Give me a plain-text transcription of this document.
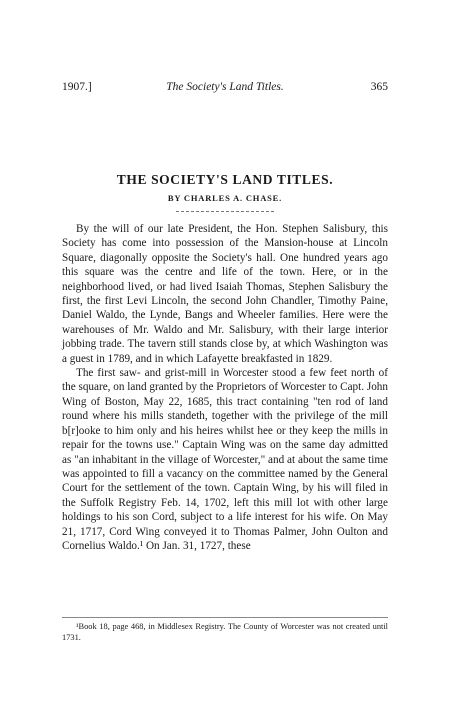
1907.]	The Society's Land Titles.	365
THE SOCIETY'S LAND TITLES.
BY CHARLES A. CHASE.

By the will of our late President, the Hon. Stephen Salisbury, this Society has come into possession of the Mansion-house at Lincoln Square, diagonally opposite the Society's hall. One hundred years ago this square was the centre and life of the town. Here, or in the neighborhood lived, or had lived Isaiah Thomas, Stephen Salisbury the first, the first Levi Lincoln, the second John Chandler, Timothy Paine, Daniel Waldo, the Lynde, Bangs and Wheeler families. Here were the warehouses of Mr. Waldo and Mr. Salisbury, with their large interior jobbing trade. The tavern still stands close by, at which Washington was a guest in 1789, and in which Lafayette breakfasted in 1829.

The first saw- and grist-mill in Worcester stood a few feet north of the square, on land granted by the Proprietors of Worcester to Capt. John Wing of Boston, May 22, 1685, this tract containing "ten rod of land round where his mills standeth, together with the privilege of the mill b[r]ooke to him only and his heires whilst hee or they keep the mills in repair for the towns use." Captain Wing was on the same day admitted as "an inhabitant in the village of Worcester," and at about the same time was appointed to fill a vacancy on the committee named by the General Court for the settlement of the town. Captain Wing, by his will filed in the Suffolk Registry Feb. 14, 1702, left this mill lot with other large holdings to his son Cord, subject to a life interest for his wife. On May 21, 1717, Cord Wing conveyed it to Thomas Palmer, John Oulton and Cornelius Waldo.¹ On Jan. 31, 1727, these

¹Book 18, page 468, in Middlesex Registry. The County of Worcester was not created until 1731.
